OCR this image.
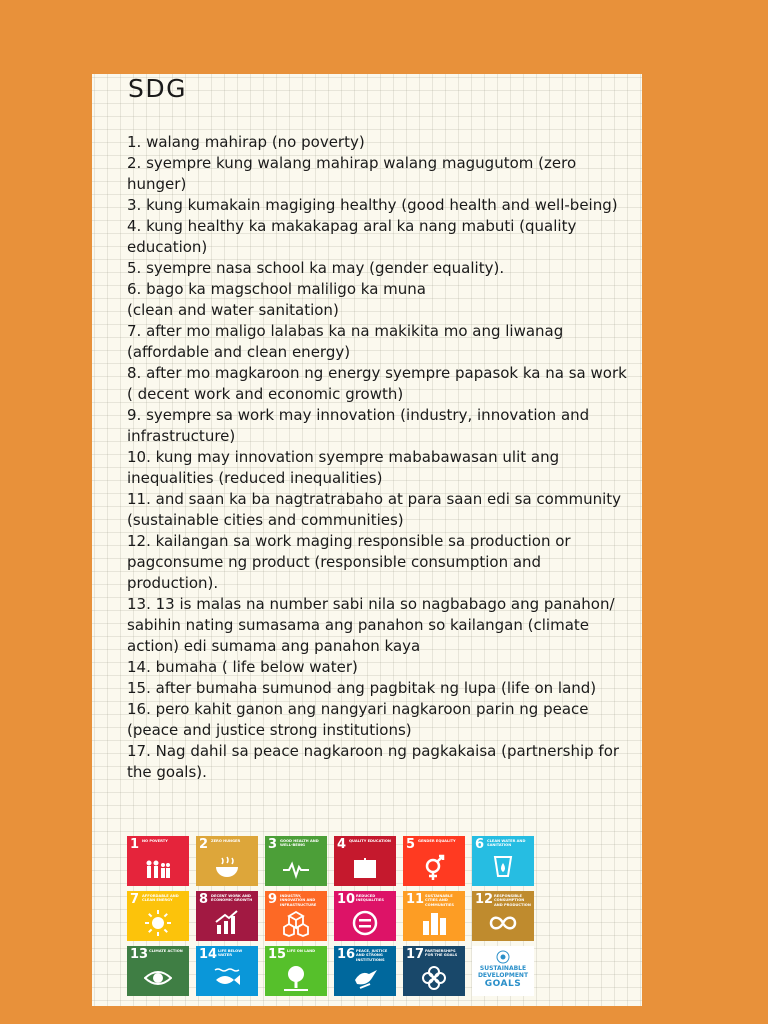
SDG

1. walang mahirap (no poverty)

2. syempre kung walang mahirap walang magugutom (zero hunger)

3. kung kumakain magiging healthy (good health and well-being)

4. kung healthy ka makakapag aral ka nang mabuti (quality education)

5. syempre nasa school ka may (gender equality).

6. bago ka magschool maliligo ka muna

(clean and water sanitation)

7. after mo maligo lalabas ka na makikita mo ang liwanag (affordable and clean energy)

8. after mo magkaroon ng energy syempre papasok ka na sa work ( decent work and economic growth)

9. syempre sa work may innovation (industry, innovation and infrastructure)

10. kung may innovation syempre mababawasan ulit ang inequalities (reduced inequalities)

11. and saan ka ba nagtratrabaho at para saan edi sa community (sustainable cities and communities)

12. kailangan sa work maging responsible sa production or pagconsume ng product (responsible consumption and production).

13. 13 is malas na number sabi nila so nagbabago ang panahon/ sabihin nating sumasama ang panahon so kailangan (climate action) edi sumama ang panahon kaya

14. bumaha ( life below water)

15. after bumaha sumunod ang pagbitak ng lupa (life on land)

16. pero kahit ganon ang nangyari nagkaroon parin ng peace (peace and justice strong institutions)

17. Nag dahil sa peace nagkaroon ng pagkakaisa (partnership for the goals).

1 NO POVERTY	2 ZERO HUNGER	3 GOOD HEALTH AND WELL-BEING	4 QUALITY EDUCATION 5 GENDER EQUALITY	6 CLEAN WATER AND SANITATION
7 AFFORDABLE AND CLEAN ENERGY	8 DECENT WORK AND ECONOMIC GROWTH 9 INDUSTRY, INNOVATION AND INFRASTRUCTURE	10 REDUCED INEQUALITIES	11 SUSTAINABLE CITIES AND COMMUNITIES	12 RESPONSIBLE CONSUMPTION AND PRODUCTION
13 CLIMATE ACTION	14 LIFE BELOW WATER	15 LIFE ON LAND	16 PEACE, JUSTICE AND STRONG INSTITUTIONS	17 PARTNERSHIPS FOR THE GOALS
SUSTAINABLE
DEVELOPMENT
GOALS
